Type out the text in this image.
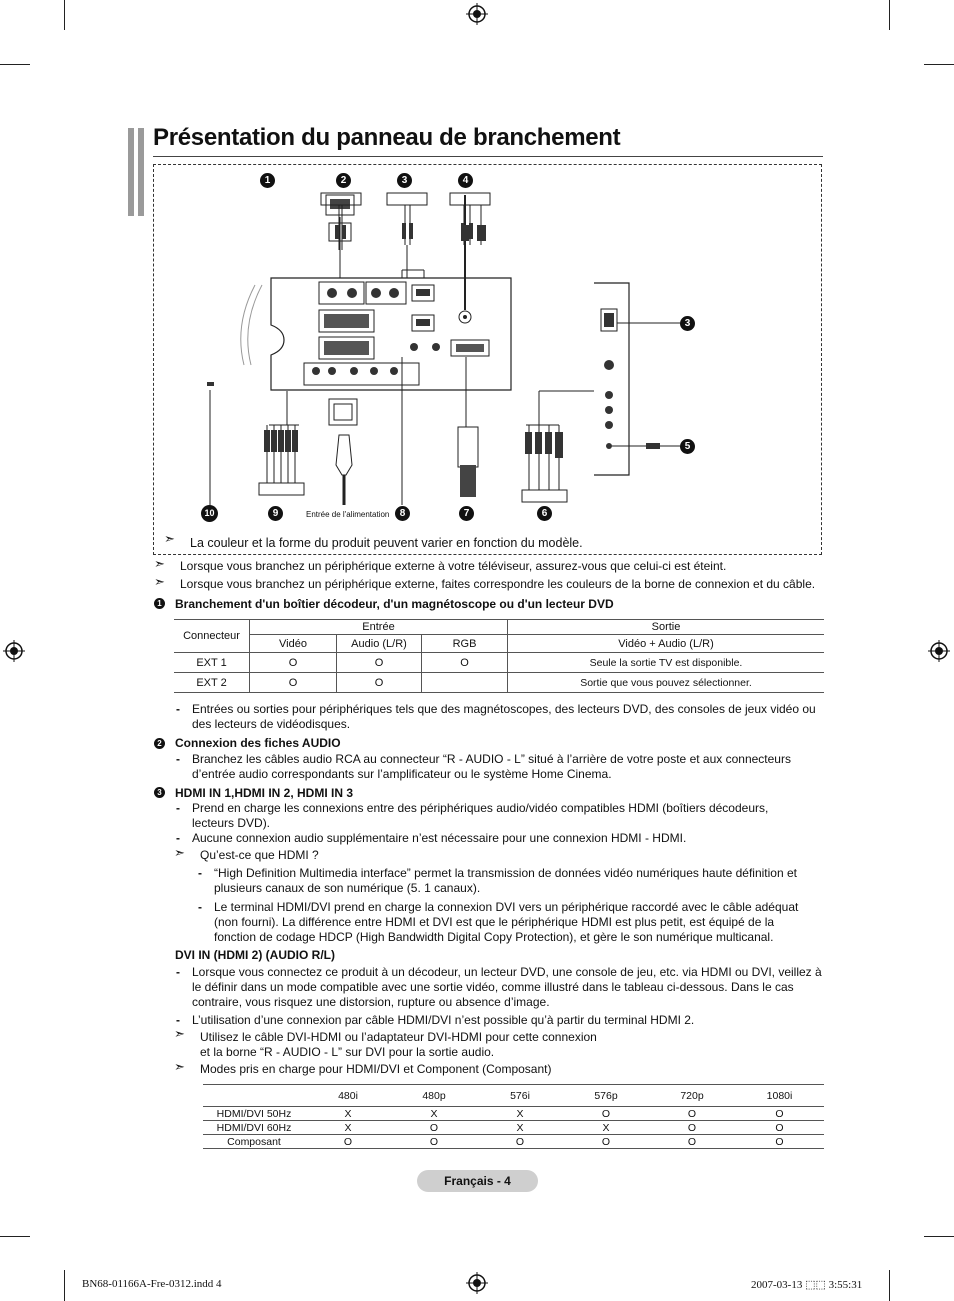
Présentation du panneau de branchement
1	2	3	4
3
5
6
7
8
9
10	Entrée de l'alimentation
➣ La couleur et la forme du produit peuvent varier en fonction du modèle.
➣ Lorsque vous branchez un périphérique externe à votre téléviseur, assurez-vous que celui-ci est éteint.
➣ Lorsque vous branchez un périphérique externe, faites correspondre les couleurs de la borne de connexion et du câble.
1 Branchement d'un boîtier décodeur, d'un magnétoscope ou d'un lecteur DVD
Connecteur	Entrée			Sortie
	Vidéo	Audio (L/R)	RGB	Vidéo + Audio (L/R)
EXT 1	O	O	O	Seule la sortie TV est disponible.
EXT 2	O	O		Sortie que vous pouvez sélectionner.
- Entrées ou sorties pour périphériques tels que des magnétoscopes, des lecteurs DVD, des consoles de jeux vidéo ou des lecteurs de vidéodisques.
2 Connexion des fiches AUDIO
- Branchez les câbles audio RCA au connecteur “R - AUDIO - L” situé à l’arrière de votre poste et aux connecteurs d’entrée audio correspondants sur l’amplificateur ou le système Home Cinema.
3 HDMI IN 1,HDMI IN 2, HDMI IN 3
- Prend en charge les connexions entre des périphériques audio/vidéo compatibles HDMI (boîtiers décodeurs, lecteurs DVD).
- Aucune connexion audio supplémentaire n’est nécessaire pour une connexion HDMI - HDMI.
➣ Qu’est-ce que HDMI ?
- “High Definition Multimedia interface” permet la transmission de données vidéo numériques haute définition et plusieurs canaux de son numérique (5. 1 canaux).
- Le terminal HDMI/DVI prend en charge la connexion DVI vers un périphérique raccordé avec le câble adéquat (non fourni). La différence entre HDMI et DVI est que le périphérique HDMI est plus petit, est équipé de la fonction de codage HDCP (High Bandwidth Digital Copy Protection), et gère le son numérique multicanal.
DVI IN (HDMI 2) (AUDIO R/L)
- Lorsque vous connectez ce produit à un décodeur, un lecteur DVD, une console de jeu, etc. via HDMI ou DVI, veillez à le définir dans un mode compatible avec une sortie vidéo, comme illustré dans le tableau ci-dessous. Dans le cas contraire, vous risquez une distorsion, rupture ou absence d’image.
- L’utilisation d’une connexion par câble HDMI/DVI n’est possible qu’à partir du terminal HDMI 2.
➣ Utilisez le câble DVI-HDMI ou l’adaptateur DVI-HDMI pour cette connexion
et la borne “R - AUDIO - L” sur DVI pour la sortie audio.
➣ Modes pris en charge pour HDMI/DVI et Component (Composant)
	480i	480p	576i	576p	720p	1080i
HDMI/DVI 50Hz	X	X	X	O	O	O
HDMI/DVI 60Hz	X	O	X	X	O	O
Composant	O	O	O	O	O	O
Français - 4
BN68-01166A-Fre-0312.indd 4	2007-03-13 ⬚⬚ 3:55:31
